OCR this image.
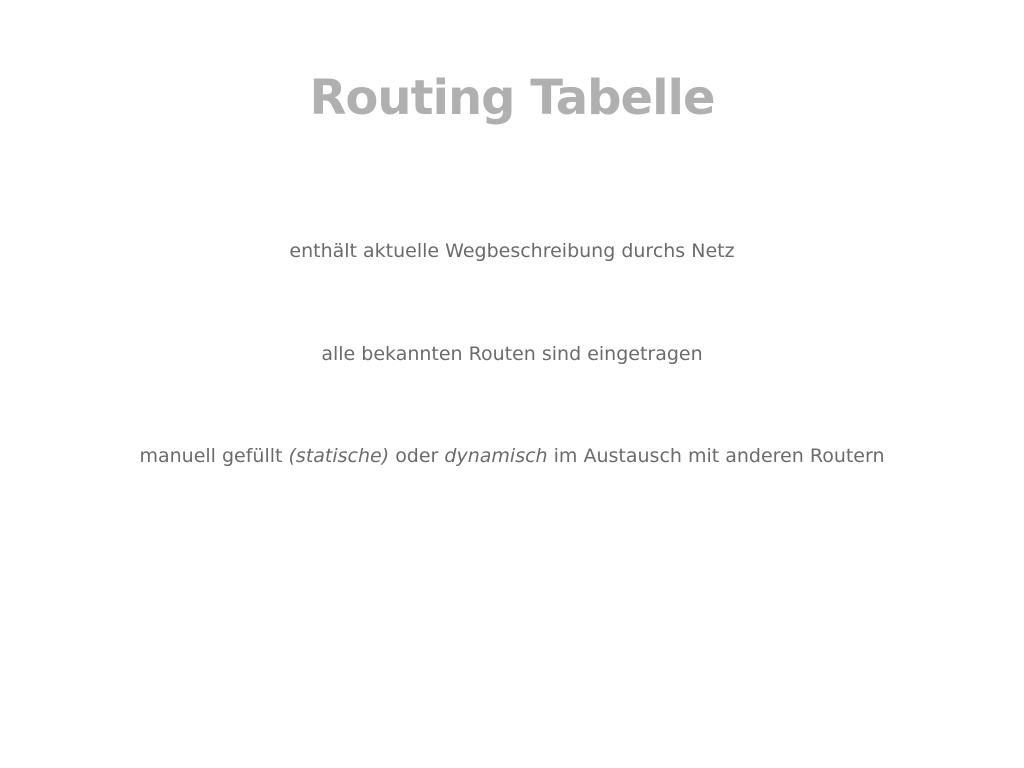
Routing Tabelle

enthält aktuelle Wegbeschreibung durchs Netz

alle bekannten Routen sind eingetragen

manuell gefüllt (statische) oder dynamisch im Austausch mit anderen Routern
